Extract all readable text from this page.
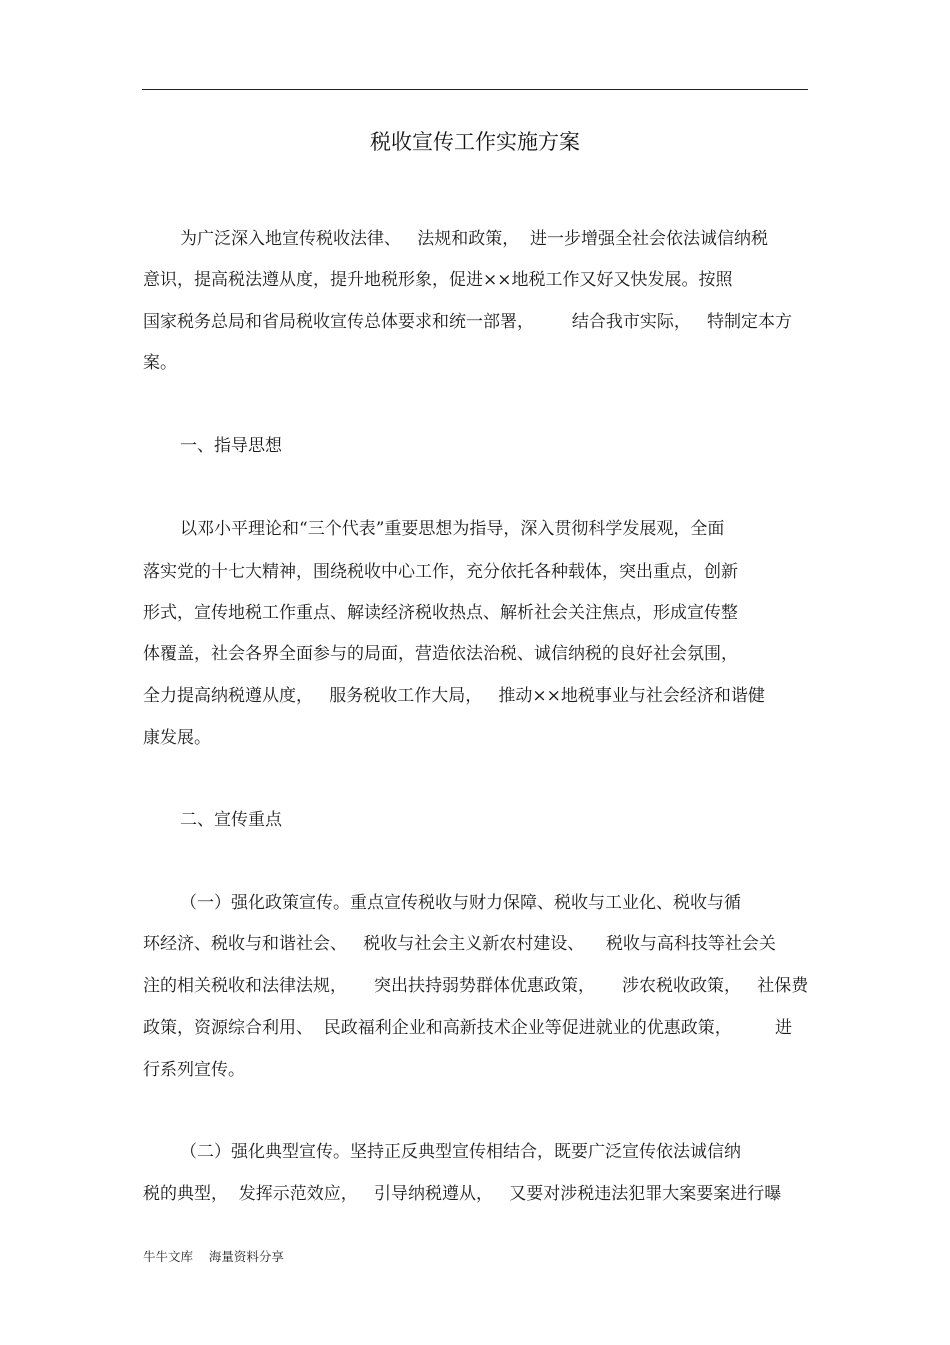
税收宣传工作实施方案
为广泛深入地宣传税收法律、   法规和政策，  进一步增强全社会依法诚信纳税
意识，提高税法遵从度，提升地税形象，促进××地税工作又好又快发展。按照
国家税务总局和省局税收宣传总体要求和统一部署，       结合我市实际，   特制定本方
案。
一、指导思想
以邓小平理论和“三个代表”重要思想为指导，深入贯彻科学发展观，全面
落实党的十七大精神，围绕税收中心工作，充分依托各种载体，突出重点，创新
形式，宣传地税工作重点、解读经济税收热点、解析社会关注焦点，形成宣传整
体覆盖，社会各界全面参与的局面，营造依法治税、诚信纳税的良好社会氛围，
全力提高纳税遵从度，   服务税收工作大局，   推动××地税事业与社会经济和谐健
康发展。
二、宣传重点
（一）强化政策宣传。重点宣传税收与财力保障、税收与工业化、税收与循
环经济、税收与和谐社会、   税收与社会主义新农村建设、    税收与高科技等社会关
注的相关税收和法律法规，     突出扶持弱势群体优惠政策，     涉农税收政策，   社保费
政策，资源综合利用、  民政福利企业和高新技术企业等促进就业的优惠政策，        进
行系列宣传。
（二）强化典型宣传。坚持正反典型宣传相结合，既要广泛宣传依法诚信纳
税的典型，  发挥示范效应，   引导纳税遵从，   又要对涉税违法犯罪大案要案进行曝
牛牛文库    海量资料分享
